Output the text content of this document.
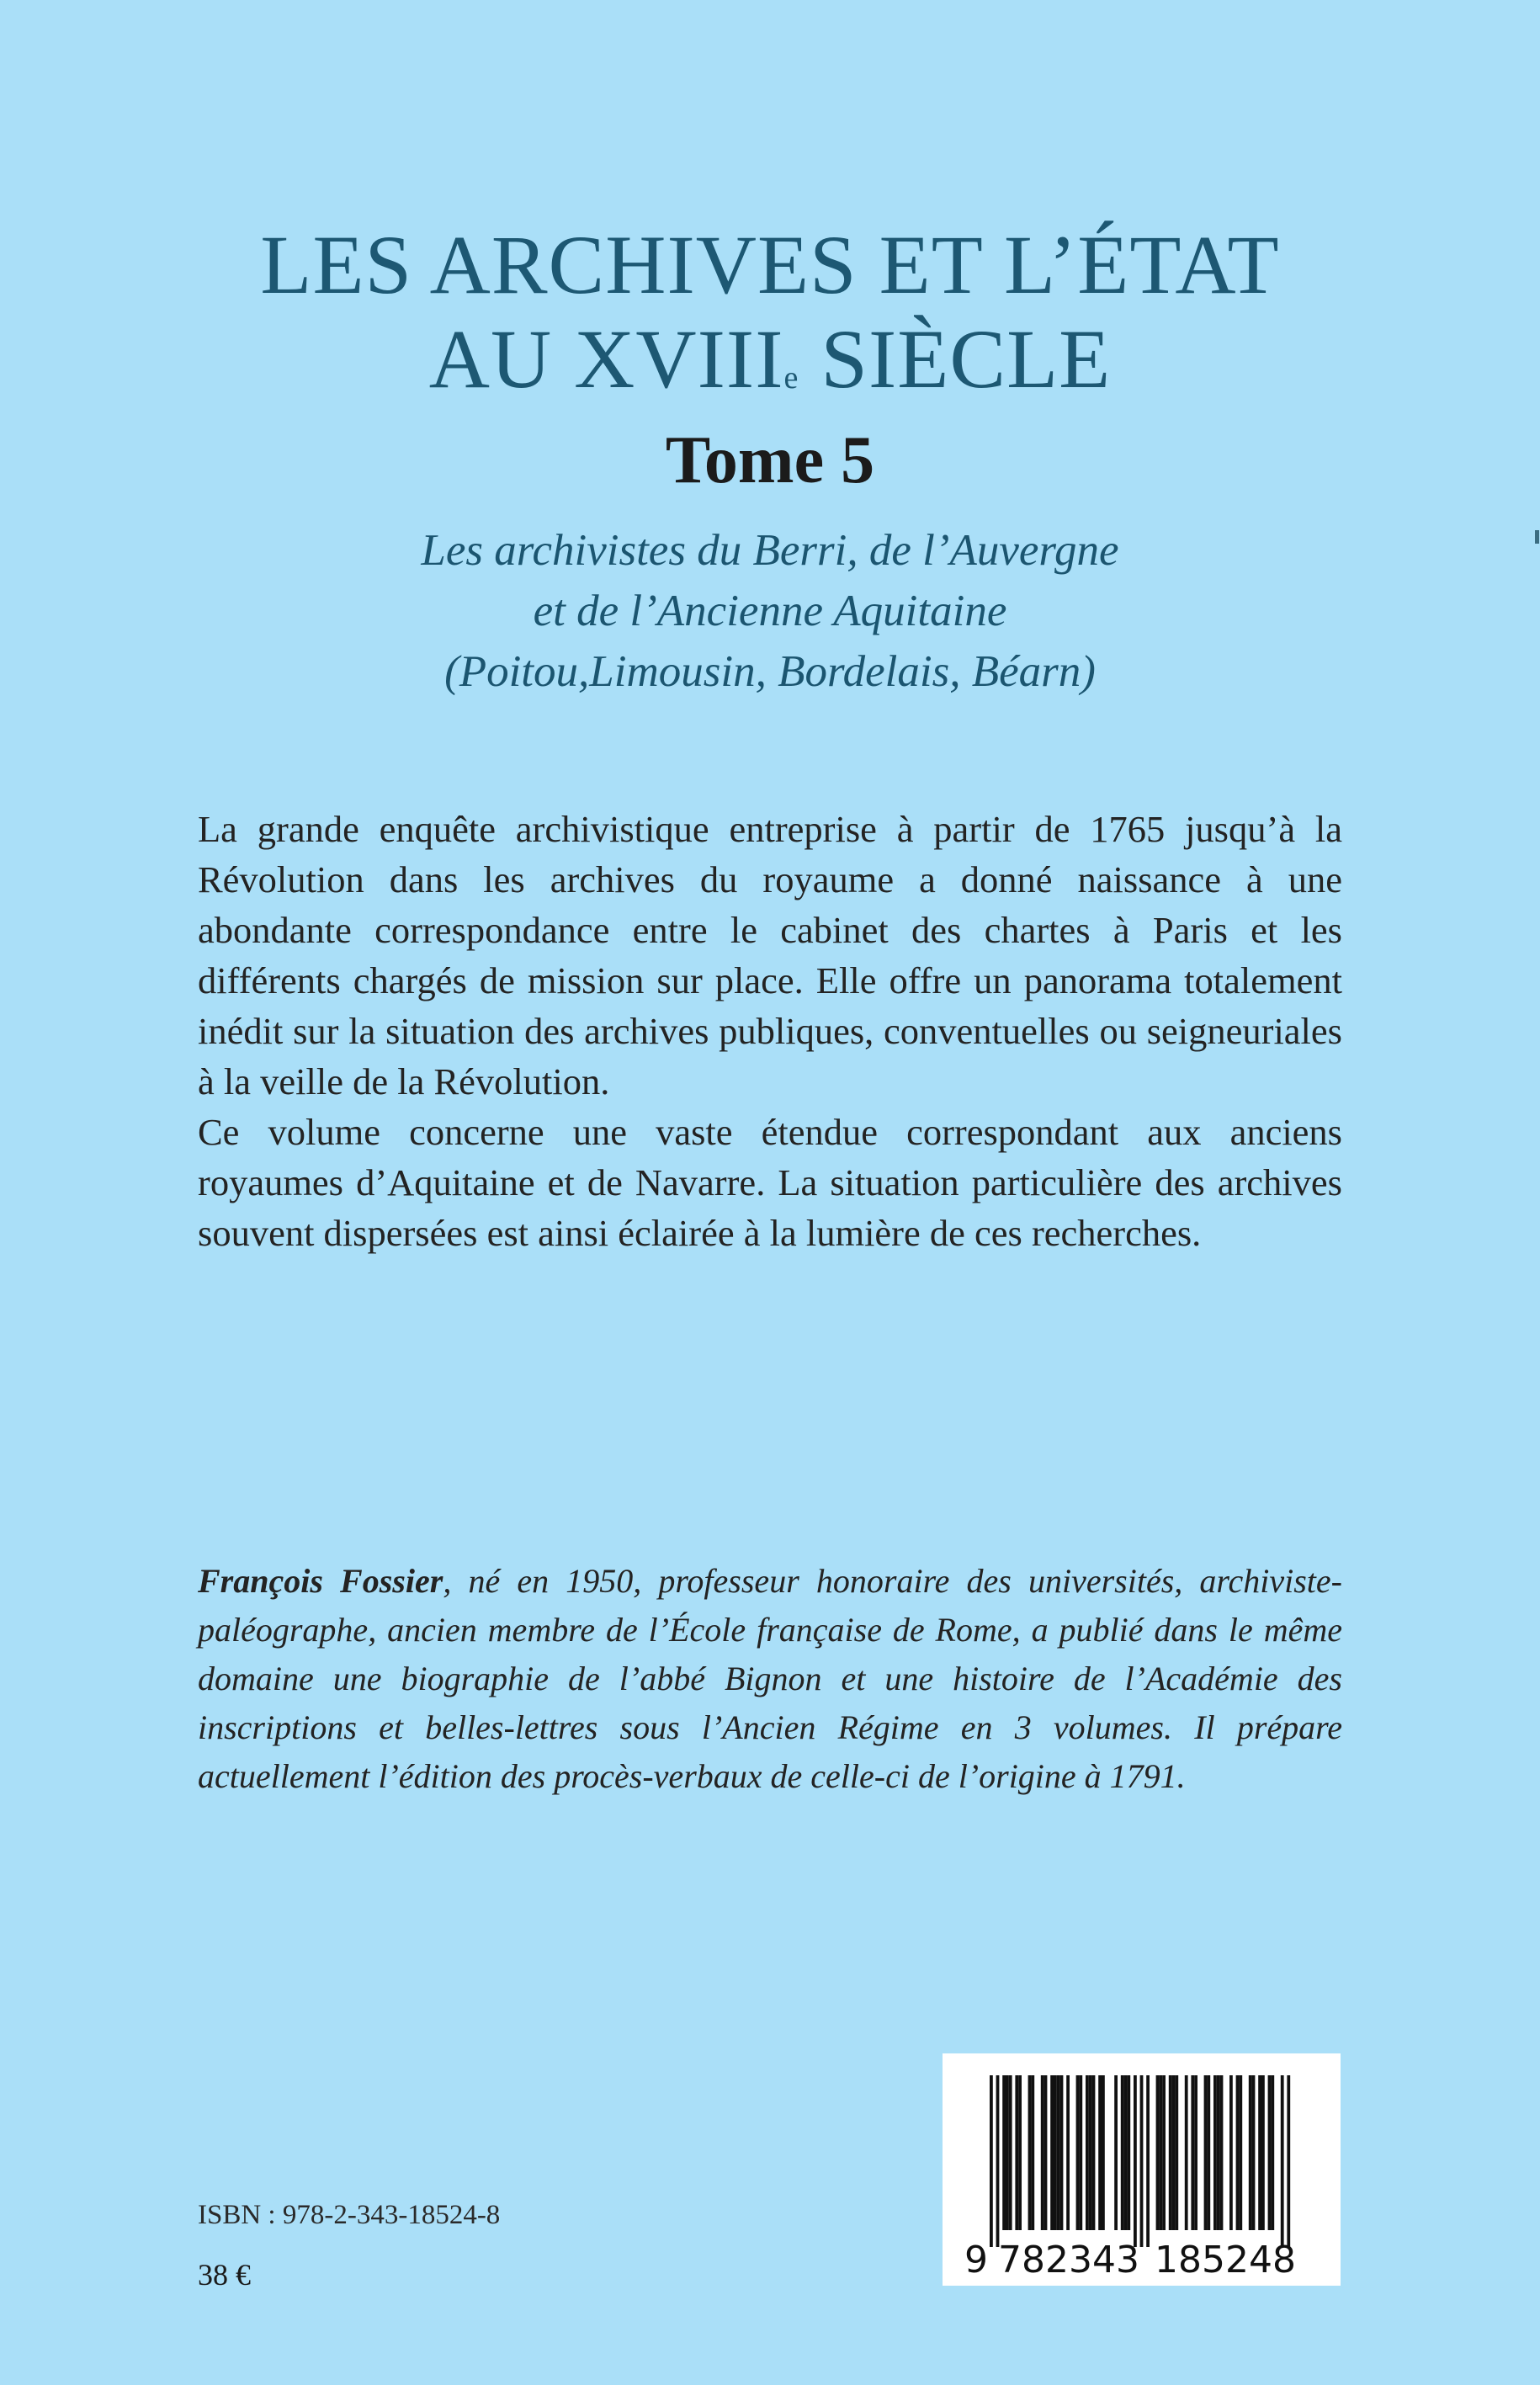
LES ARCHIVES ET L’ÉTAT
AU XVIIIe SIÈCLE
Tome 5
Les archivistes du Berri, de l’Auvergne
et de l’Ancienne Aquitaine
(Poitou,Limousin, Bordelais, Béarn)

La grande enquête archivistique entreprise à partir de 1765 jusqu’à la Révolution dans les archives du royaume a donné naissance à une abondante correspondance entre le cabinet des chartes à Paris et les différents chargés de mission sur place. Elle offre un panorama totalement inédit sur la situation des archives publiques, conventuelles ou seigneuriales à la veille de la Révolution.

Ce volume concerne une vaste étendue correspondant aux anciens royaumes d’Aquitaine et de Navarre. La situation particulière des archives souvent dispersées est ainsi éclairée à la lumière de ces recherches.

François Fossier, né en 1950, professeur honoraire des universités, archiviste-paléographe, ancien membre de l’École française de Rome, a publié dans le même domaine une biographie de l’abbé Bignon et une histoire de l’Académie des inscriptions et belles-lettres sous l’Ancien Régime en 3 volumes. Il prépare actuellement l’édition des procès-verbaux de celle-ci de l’origine à 1791.

ISBN : 978-2-343-18524-8
38 €	9 782343 185248
